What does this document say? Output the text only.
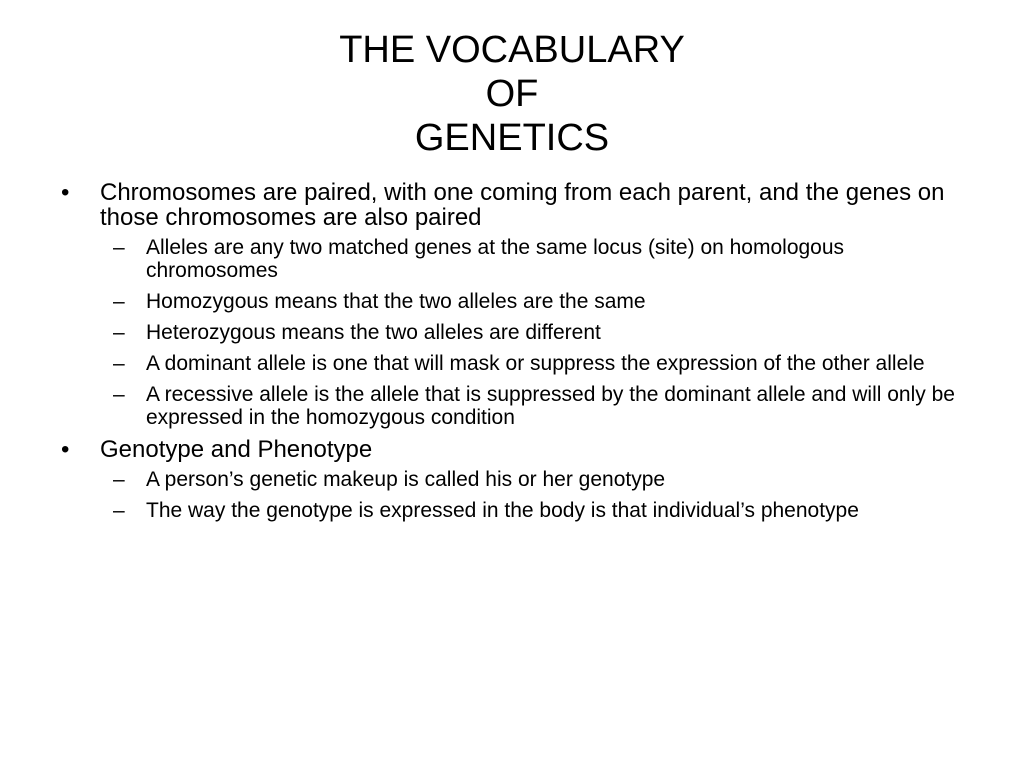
THE VOCABULARY
OF
GENETICS
•	Chromosomes are paired, with one coming from each parent, and the genes on those chromosomes are also paired
–	Alleles are any two matched genes at the same locus (site) on homologous chromosomes
–	Homozygous means that the two alleles are the same
–	Heterozygous means the two alleles are different
–	A dominant allele is one that will mask or suppress the expression of the other allele
–	A recessive allele is the allele that is suppressed by the dominant allele and will only be expressed in the homozygous condition
•	Genotype and Phenotype
–	A person’s genetic makeup is called his or her genotype
–	The way the genotype is expressed in the body is that individual’s phenotype
